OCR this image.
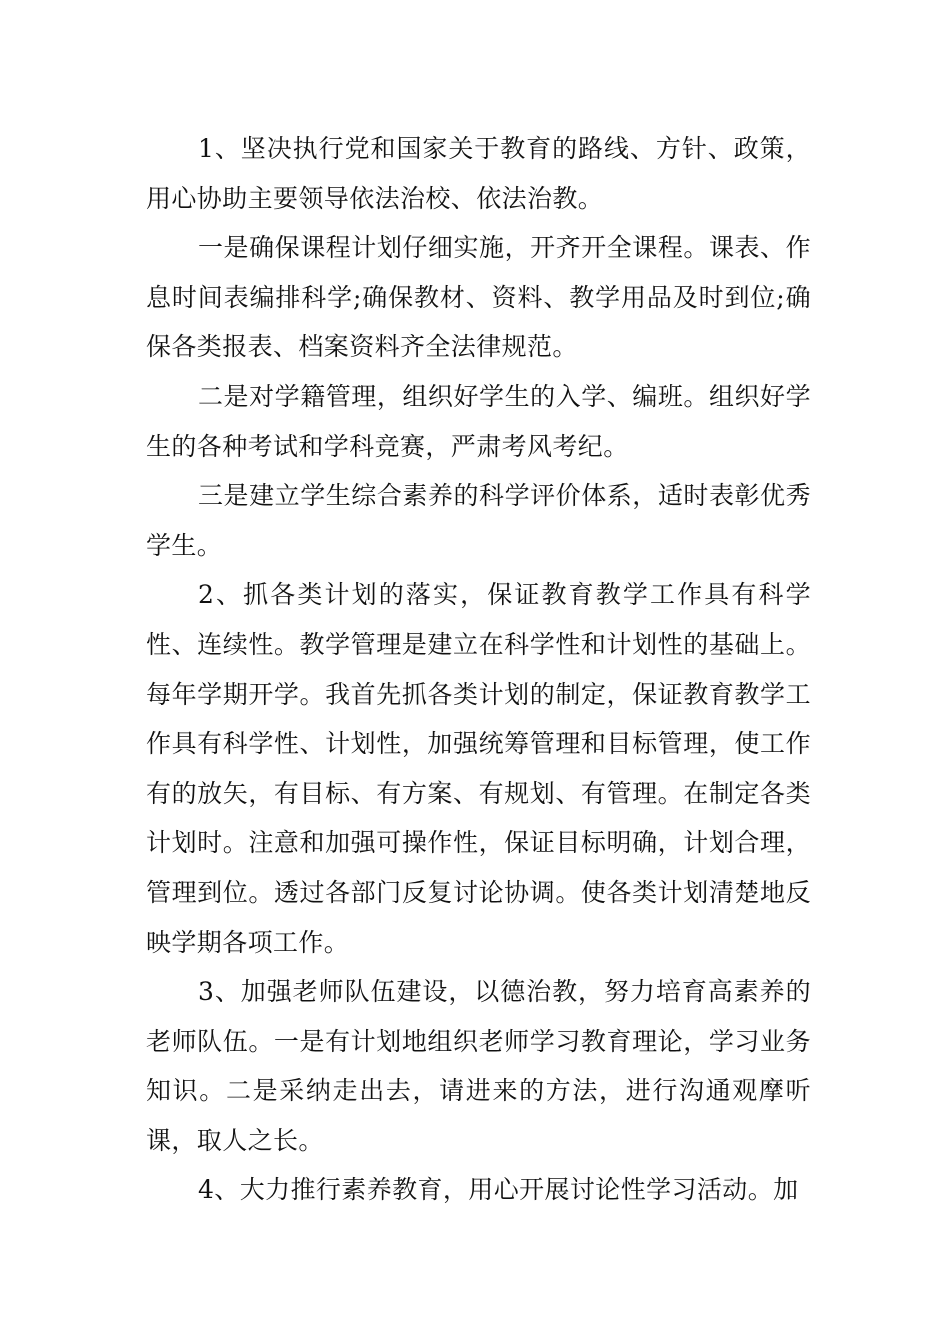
1、坚决执行党和国家关于教育的路线、方针、政策，用心协助主要领导依法治校、依法治教。

一是确保课程计划仔细实施，开齐开全课程。课表、作息时间表编排科学;确保教材、资料、教学用品及时到位;确保各类报表、档案资料齐全法律规范。

二是对学籍管理，组织好学生的入学、编班。组织好学生的各种考试和学科竞赛，严肃考风考纪。

三是建立学生综合素养的科学评价体系，适时表彰优秀学生。

2、抓各类计划的落实，保证教育教学工作具有科学性、连续性。教学管理是建立在科学性和计划性的基础上。每年学期开学。我首先抓各类计划的制定，保证教育教学工作具有科学性、计划性，加强统筹管理和目标管理，使工作有的放矢，有目标、有方案、有规划、有管理。在制定各类计划时。注意和加强可操作性，保证目标明确，计划合理，管理到位。透过各部门反复讨论协调。使各类计划清楚地反映学期各项工作。

3、加强老师队伍建设，以德治教，努力培育高素养的老师队伍。一是有计划地组织老师学习教育理论，学习业务知识。二是采纳走出去，请进来的方法，进行沟通观摩听课，取人之长。

4、大力推行素养教育，用心开展讨论性学习活动。加
